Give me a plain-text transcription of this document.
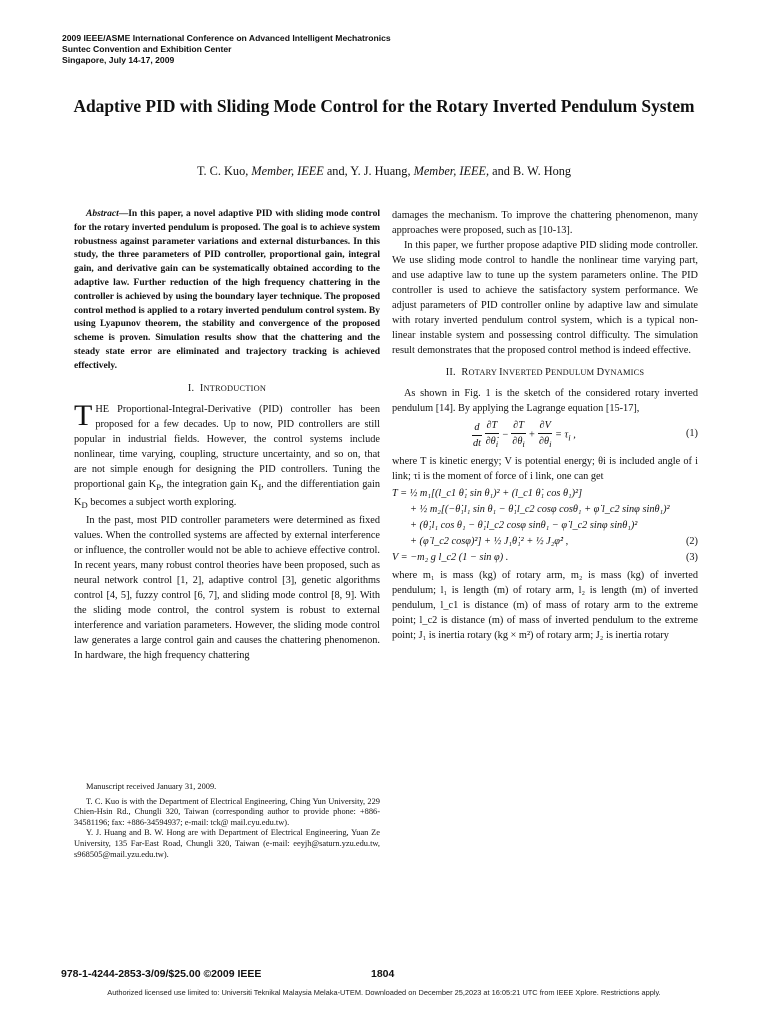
2009 IEEE/ASME International Conference on Advanced Intelligent Mechatronics
Suntec Convention and Exhibition Center
Singapore, July 14-17, 2009
Adaptive PID with Sliding Mode Control for the Rotary Inverted Pendulum System
T. C. Kuo, Member, IEEE and, Y. J. Huang, Member, IEEE, and B. W. Hong

Abstract—In this paper, a novel adaptive PID with sliding mode control for the rotary inverted pendulum is proposed. The goal is to achieve system robustness against parameter variations and external disturbances. In this study, the three parameters of PID controller, proportional gain, integral gain, and derivative gain can be systematically obtained according to the adaptive law. Further reduction of the high frequency chattering in the controller is achieved by using the boundary layer technique. The proposed control method is applied to a rotary inverted pendulum control system. By using Lyapunov theorem, the stability and convergence of the proposed scheme is proven. Simulation results show that the chattering and the steady state error are eliminated and trajectory tracking is achieved effectively.

I. INTRODUCTION

THE Proportional-Integral-Derivative (PID) controller has been proposed for a few decades. Up to now, PID controllers are still popular in industrial fields. However, the control systems include nonlinear, time varying, coupling, structure uncertainty, and so on, that are not simple enough for designing the PID controllers. Tuning the proportional gain $K_P$, the integration gain $K_I$, and the differentiation gain $K_D$ becomes a subject worth exploring.

In the past, most PID controller parameters were determined as fixed values. When the controlled systems are affected by external interference or influence, the controller would not be able to achieve effective control. In recent years, many robust control theories have been proposed, such as neural network control [1, 2], adaptive control [3], genetic algorithms control [4, 5], fuzzy control [6, 7], and sliding mode control [8, 9]. With the sliding mode control, the control system is robust to external interference and variation parameters. However, the sliding mode control law generates a large control gain and causes the chattering phenomenon. In hardware, the high frequency chattering

Manuscript received January 31, 2009.

T. C. Kuo is with the Department of Electrical Engineering, Ching Yun University, 229 Chien-Hsin Rd., Chungli 320, Taiwan (corresponding author to provide phone: +886-34581196; fax: +886-34594937; e-mail: tck@ mail.cyu.edu.tw).

Y. J. Huang and B. W. Hong are with Department of Electrical Engineering, Yuan Ze University, 135 Far-East Road, Chungli 320, Taiwan (e-mail: eeyjh@saturn.yzu.edu.tw, s968505@mail.yzu.edu.tw).

damages the mechanism. To improve the chattering phenomenon, many approaches were proposed, such as [10-13].

In this paper, we further propose adaptive PID sliding mode controller. We use sliding mode control to handle the nonlinear time varying part, and use adaptive law to tune up the system parameters online. The PID controller is used to achieve the satisfactory system performance. We adjust parameters of PID controller online by adaptive law and simulate with rotary inverted pendulum control system, which is a typical non-linear instable system and possessing control difficulty. The simulation result demonstrates that the proposed control method is indeed effective.

II. ROTARY INVERTED PENDULUM DYNAMICS

As shown in Fig. 1 is the sketch of the considered rotary inverted pendulum [14]. By applying the Lagrange equation [15-17],

$\frac{d}{dt}$
$\frac{\partial T}{\partial\thetȧ_i} - \frac{\partial T}{\partial\theta_i} + \frac{\partial V}{\partial\theta_i} = \tau_i$ ,	(1)

where T is kinetic energy; V is potential energy; θi is included angle of i link; τi is the moment of force of i link, one can get

T = ½ m₁[(l_c1 θ̇₁ sin θ₁)² + (l_c1 θ̇₁ cos θ₁)²]
+ ½ m₂[(−θ̇₁l₁ sin θ₁ − θ̇₁l_c2 cosφ cosθ₁ + φ̇ l_c2 sinφ sinθ₁)²
+ (θ̇₁l₁ cos θ₁ − θ̇₁l_c2 cosφ sinθ₁ − φ̇ l_c2 sinφ sinθ₁)²
+ (φ̇ l_c2 cosφ)²] + ½ J₁θ̇₁² + ½ J₂φ̇² ,	(2)
V = −m₂ g l_c2 (1 − sin φ) .	(3)

where m₁ is mass (kg) of rotary arm, m₂ is mass (kg) of inverted pendulum; l₁ is length (m) of rotary arm, l₂ is length (m) of inverted pendulum, l_c1 is distance (m) of mass of rotary arm to the extreme point; l_c2 is distance (m) of mass of inverted pendulum to the extreme point; J₁ is inertia rotary (kg × m²) of rotary arm; J₂ is inertia rotary

978-1-4244-2853-3/09/$25.00 ©2009 IEEE	1804
Authorized licensed use limited to: Universiti Teknikal Malaysia Melaka-UTEM. Downloaded on December 25,2023 at 16:05:21 UTC from IEEE Xplore. Restrictions apply.
